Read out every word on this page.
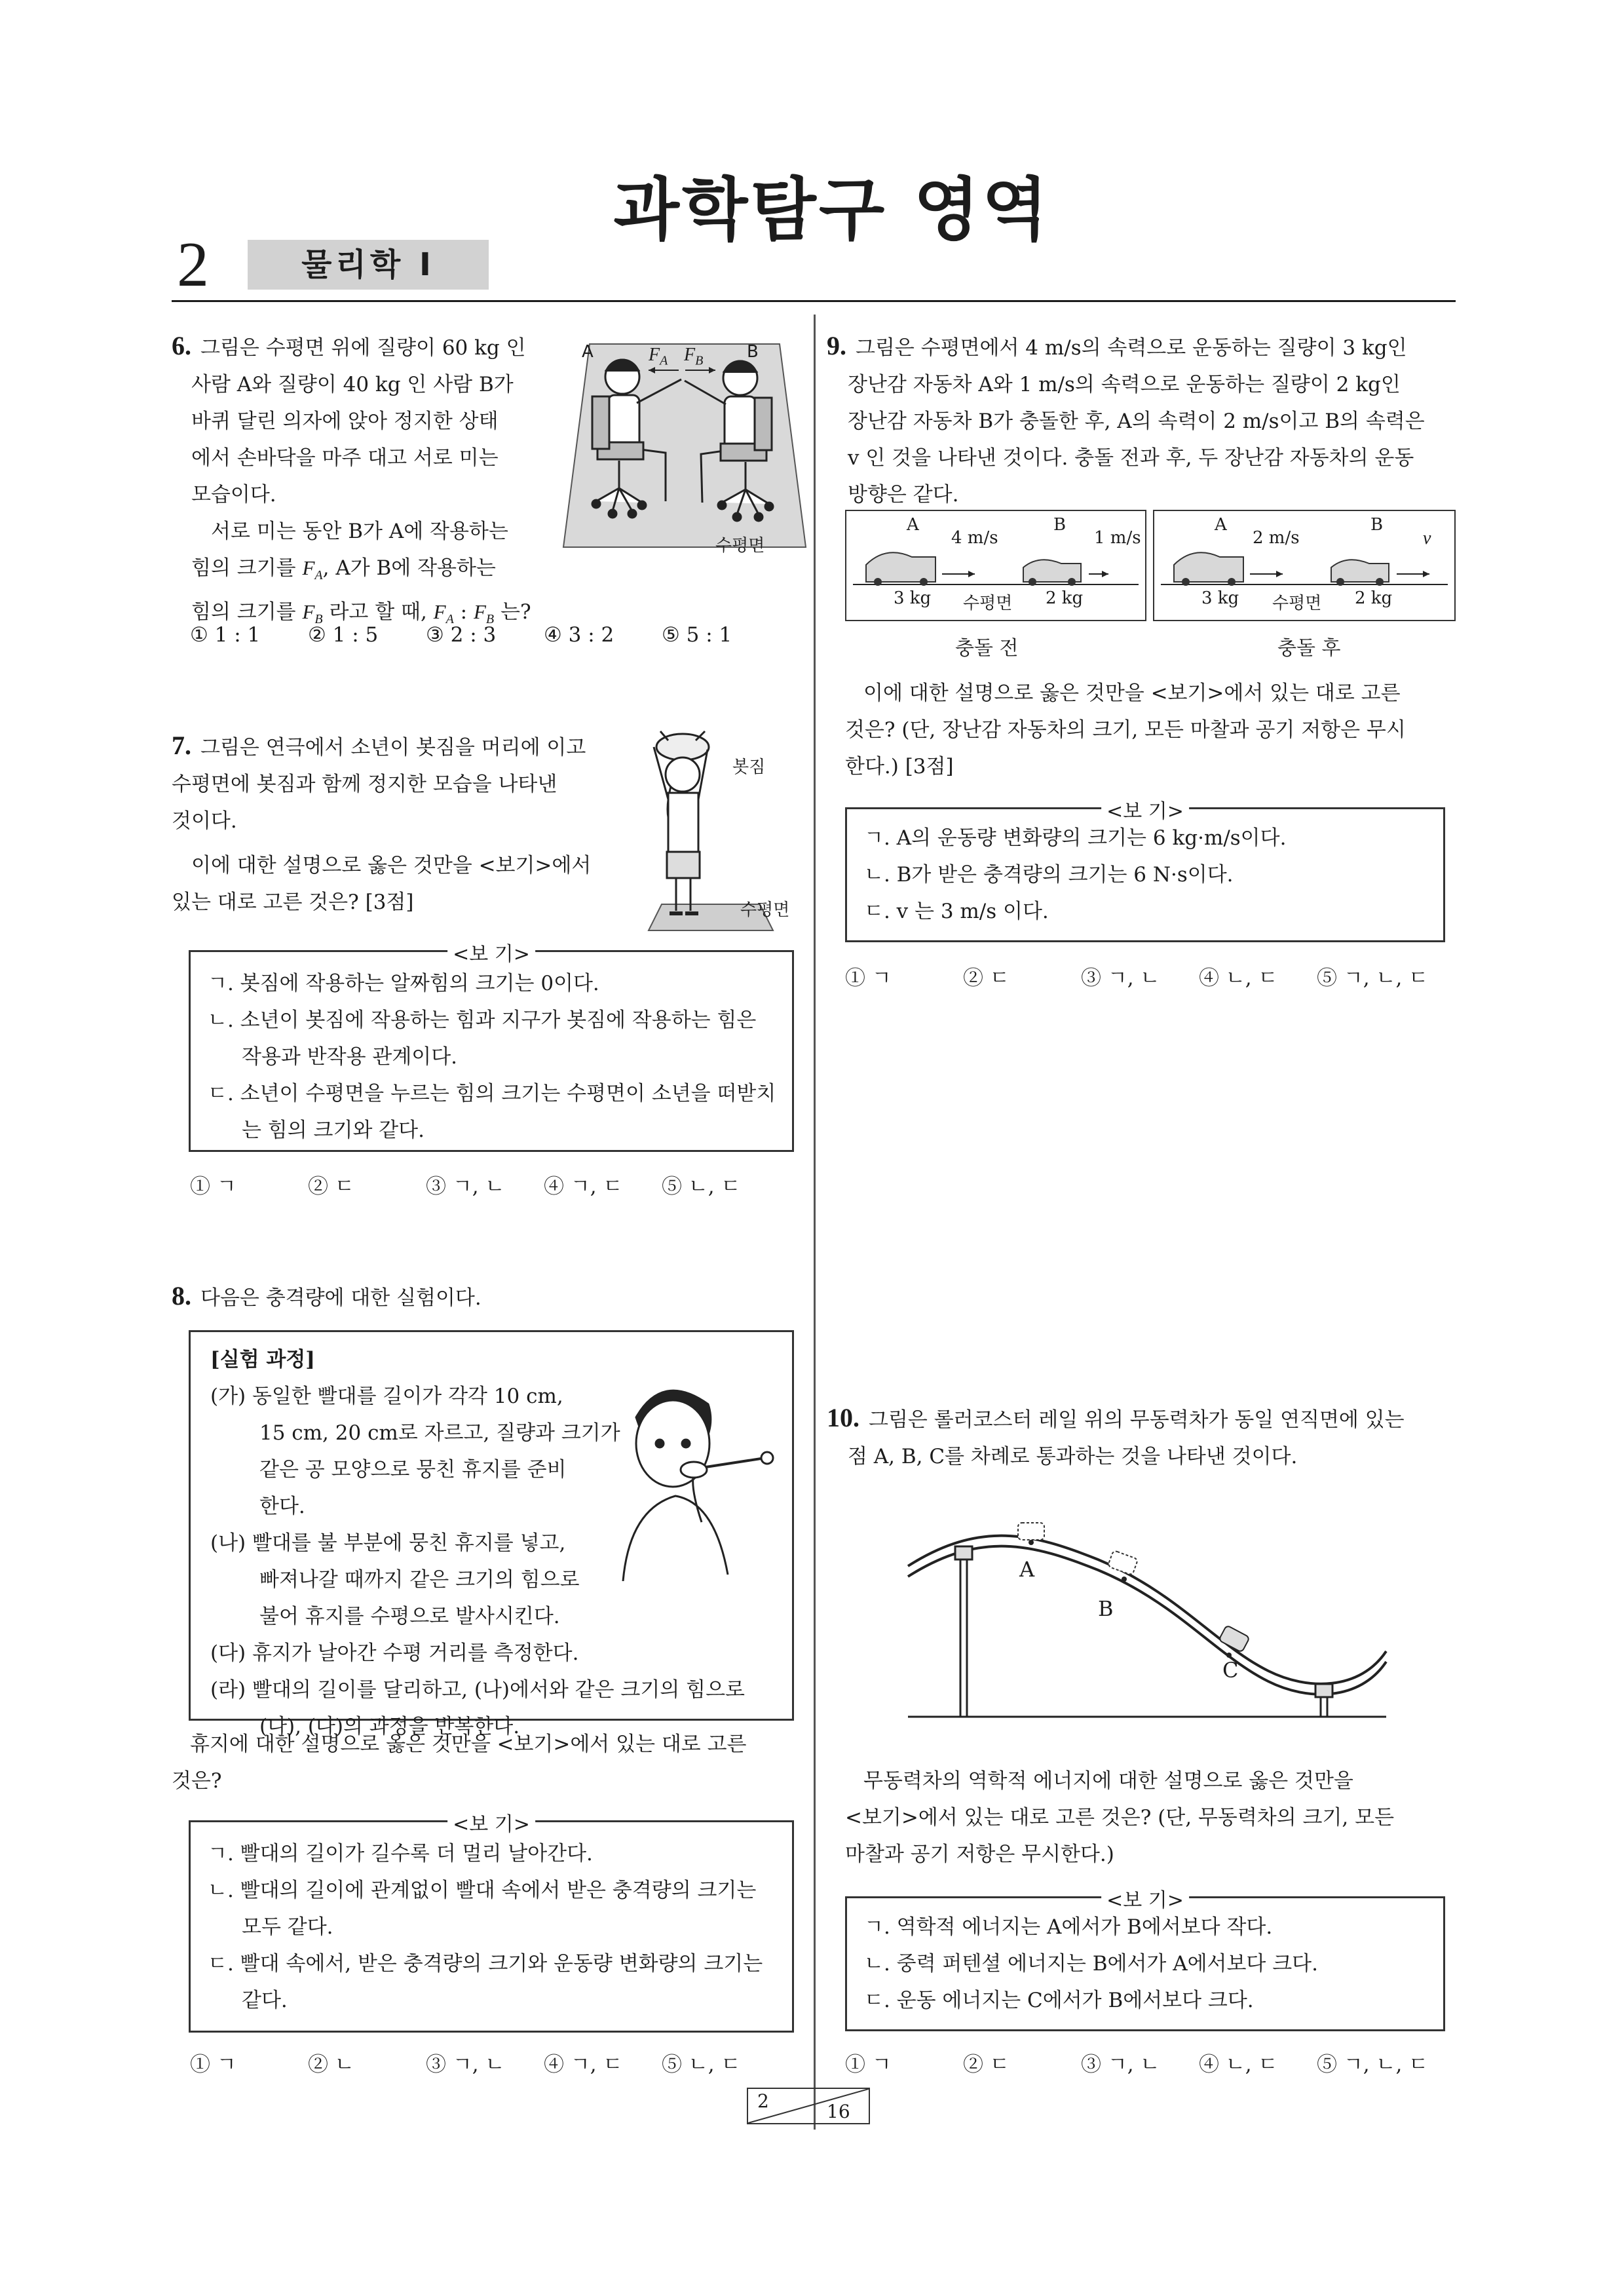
2	물리학 I
과학탐구 영역
6. 그림은 수평면 위에 질량이 60 kg 인
사람 A와 질량이 40 kg 인 사람 B가
바퀴 달린 의자에 앉아 정지한 상태
에서 손바닥을 마주 대고 서로 미는
모습이다.
서로 미는 동안 B가 A에 작용하는
힘의 크기를 $F_A$, A가 B에 작용하는
힘의 크기를 $F_B$ 라고 할 때, $F_A$ : $F_B$ 는?
A	B
$F_A$ $F_B$
수평면
① 1 : 1 ② 1 : 5 ③ 2 : 3 ④ 3 : 2 ⑤ 5 : 1
7. 그림은 연극에서 소년이 봇짐을 머리에 이고
수평면에 봇짐과 함께 정지한 모습을 나타낸
것이다.
이에 대한 설명으로 옳은 것만을 <보기>에서
있는 대로 고른 것은? [3점]
봇짐
수평면
<보 기>
ㄱ. 봇짐에 작용하는 알짜힘의 크기는 0이다.
ㄴ. 소년이 봇짐에 작용하는 힘과 지구가 봇짐에 작용하는 힘은 작용과 반작용 관계이다.
ㄷ. 소년이 수평면을 누르는 힘의 크기는 수평면이 소년을 떠받치는 힘의 크기와 같다.
① ㄱ	② ㄷ	③ ㄱ, ㄴ ④ ㄱ, ㄷ ⑤ ㄴ, ㄷ
8. 다음은 충격량에 대한 실험이다.
[실험 과정]
(가) 동일한 빨대를 길이가 각각 10 cm,
15 cm, 20 cm로 자르고, 질량과 크기가
같은 공 모양으로 뭉친 휴지를 준비
한다.
(나) 빨대를 불 부분에 뭉친 휴지를 넣고,
빠져나갈 때까지 같은 크기의 힘으로
불어 휴지를 수평으로 발사시킨다.
(다) 휴지가 날아간 수평 거리를 측정한다.
(라) 빨대의 길이를 달리하고, (나)에서와 같은 크기의 힘으로
(나), (다)의 과정을 반복한다.
휴지에 대한 설명으로 옳은 것만을 <보기>에서 있는 대로 고른
것은?
<보 기>
ㄱ. 빨대의 길이가 길수록 더 멀리 날아간다.
ㄴ. 빨대의 길이에 관계없이 빨대 속에서 받은 충격량의 크기는 모두 같다.
ㄷ. 빨대 속에서, 받은 충격량의 크기와 운동량 변화량의 크기는 같다.
① ㄱ	② ㄴ	③ ㄱ, ㄴ ④ ㄱ, ㄷ ⑤ ㄴ, ㄷ
9. 그림은 수평면에서 4 m/s의 속력으로 운동하는 질량이 3 kg인
장난감 자동차 A와 1 m/s의 속력으로 운동하는 질량이 2 kg인
장난감 자동차 B가 충돌한 후, A의 속력이 2 m/s이고 B의 속력은
v 인 것을 나타낸 것이다. 충돌 전과 후, 두 장난감 자동차의 운동
방향은 같다.
A
4 m/s
B
1 m/s
3 kg 수평면 2 kg
충돌 전
A
2 m/s
B
v
3 kg 수평면 2 kg
충돌 후
이에 대한 설명으로 옳은 것만을 <보기>에서 있는 대로 고른
것은? (단, 장난감 자동차의 크기, 모든 마찰과 공기 저항은 무시
한다.) [3점]
<보 기>
ㄱ. A의 운동량 변화량의 크기는 6 kg·m/s이다.
ㄴ. B가 받은 충격량의 크기는 6 N·s이다.
ㄷ. v 는 3 m/s 이다.
① ㄱ	② ㄷ	③ ㄱ, ㄴ ④ ㄴ, ㄷ ⑤ ㄱ, ㄴ, ㄷ
10. 그림은 롤러코스터 레일 위의 무동력차가 동일 연직면에 있는
점 A, B, C를 차례로 통과하는 것을 나타낸 것이다.
A
B
C
무동력차의 역학적 에너지에 대한 설명으로 옳은 것만을
<보기>에서 있는 대로 고른 것은? (단, 무동력차의 크기, 모든
마찰과 공기 저항은 무시한다.)
<보 기>
ㄱ. 역학적 에너지는 A에서가 B에서보다 작다.
ㄴ. 중력 퍼텐셜 에너지는 B에서가 A에서보다 크다.
ㄷ. 운동 에너지는 C에서가 B에서보다 크다.
① ㄱ	② ㄷ	③ ㄱ, ㄴ ④ ㄴ, ㄷ ⑤ ㄱ, ㄴ, ㄷ
2	16
